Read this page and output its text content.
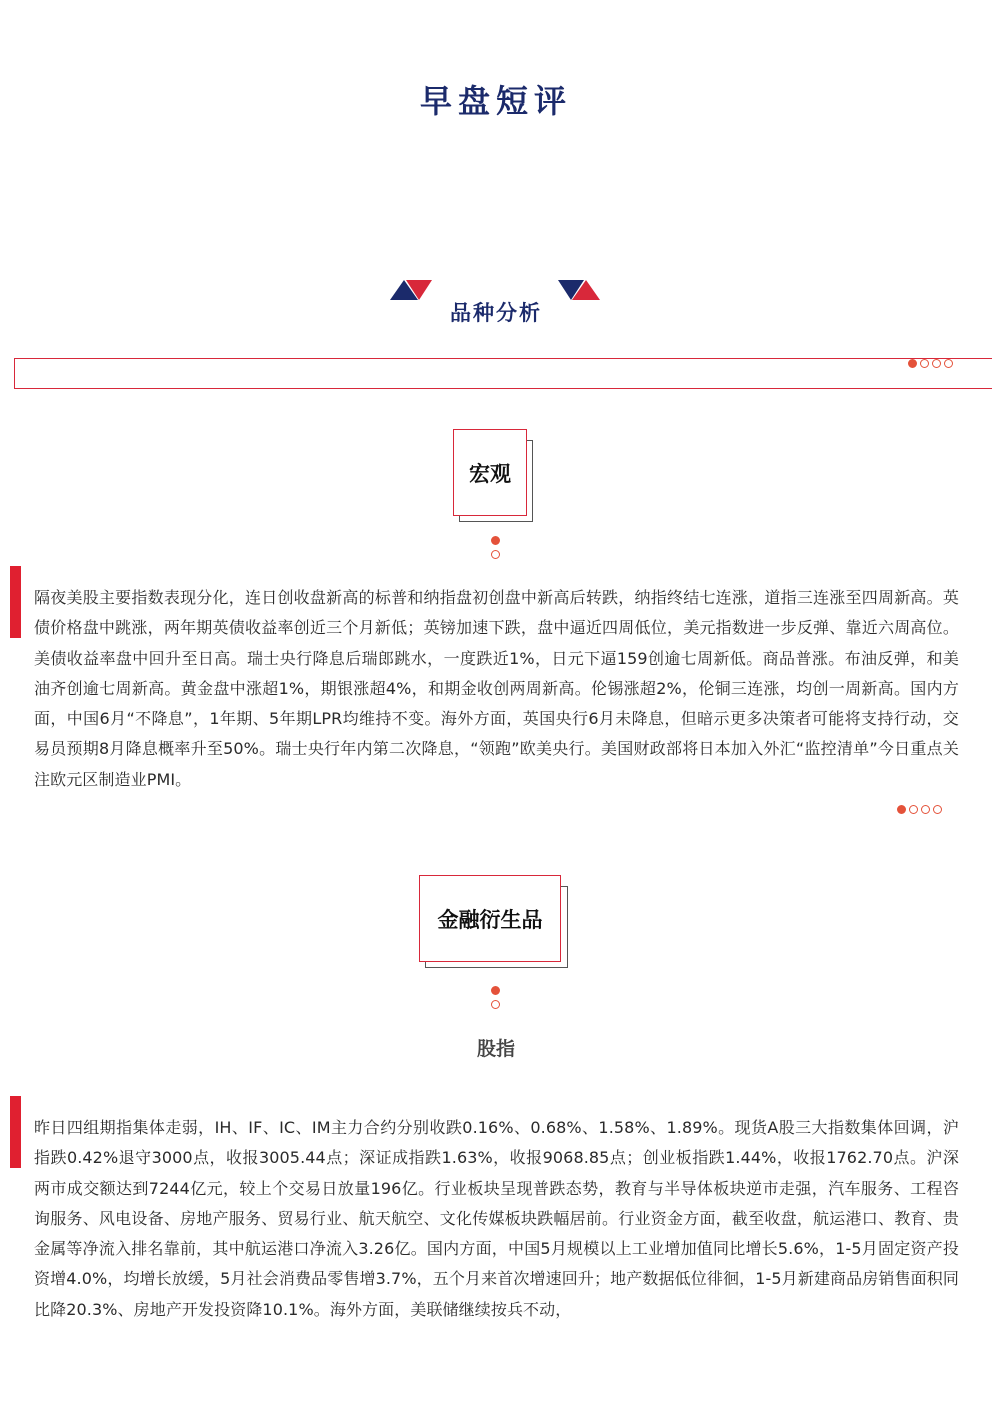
早盘短评
品种分析
宏观
隔夜美股主要指数表现分化，连日创收盘新高的标普和纳指盘初创盘中新高后转跌，纳指终结七连涨，道指三连涨至四周新高。英债价格盘中跳涨，两年期英债收益率创近三个月新低；英镑加速下跌，盘中逼近四周低位，美元指数进一步反弹、靠近六周高位。美债收益率盘中回升至日高。瑞士央行降息后瑞郎跳水，一度跌近1%，日元下逼159创逾七周新低。商品普涨。布油反弹，和美油齐创逾七周新高。黄金盘中涨超1%，期银涨超4%，和期金收创两周新高。伦锡涨超2%，伦铜三连涨，均创一周新高。国内方面，中国6月“不降息”，1年期、5年期LPR均维持不变。海外方面，英国央行6月未降息，但暗示更多决策者可能将支持行动，交易员预期8月降息概率升至50%。瑞士央行年内第二次降息，“领跑”欧美央行。美国财政部将日本加入外汇“监控清单”今日重点关注欧元区制造业PMI。
金融衍生品
股指
昨日四组期指集体走弱，IH、IF、IC、IM主力合约分别收跌0.16%、0.68%、1.58%、1.89%。现货A股三大指数集体回调，沪指跌0.42%退守3000点，收报3005.44点；深证成指跌1.63%，收报9068.85点；创业板指跌1.44%，收报1762.70点。沪深两市成交额达到7244亿元，较上个交易日放量196亿。行业板块呈现普跌态势，教育与半导体板块逆市走强，汽车服务、工程咨询服务、风电设备、房地产服务、贸易行业、航天航空、文化传媒板块跌幅居前。行业资金方面，截至收盘，航运港口、教育、贵金属等净流入排名靠前，其中航运港口净流入3.26亿。国内方面，中国5月规模以上工业增加值同比增长5.6%，1-5月固定资产投资增4.0%，均增长放缓，5月社会消费品零售增3.7%，五个月来首次增速回升；地产数据低位徘徊，1-5月新建商品房销售面积同比降20.3%、房地产开发投资降10.1%。海外方面，美联储继续按兵不动，
